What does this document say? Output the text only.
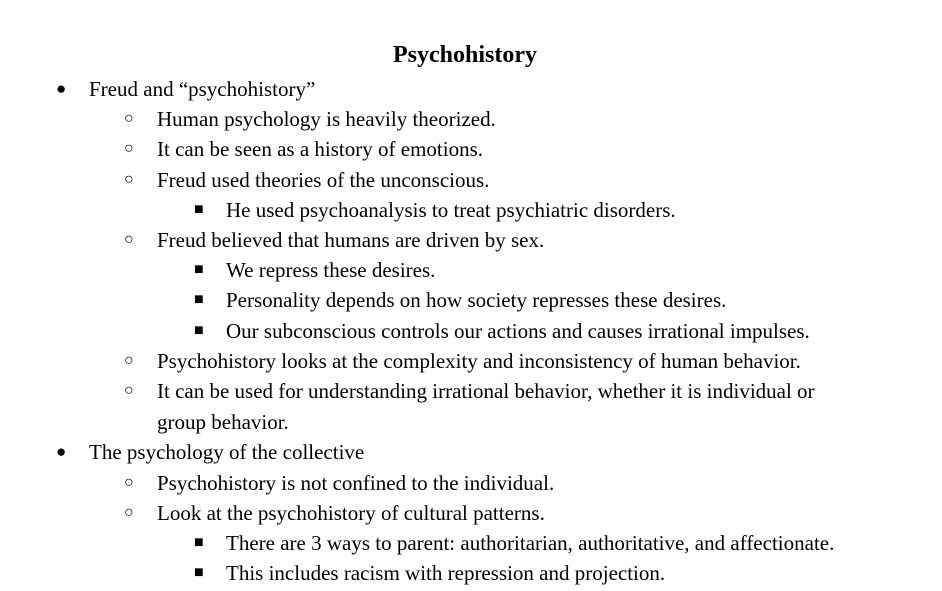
Psychohistory
● Freud and “psychohistory”
○ Human psychology is heavily theorized.
○ It can be seen as a history of emotions.
○ Freud used theories of the unconscious.
■ He used psychoanalysis to treat psychiatric disorders.
○ Freud believed that humans are driven by sex.
■ We repress these desires.
■ Personality depends on how society represses these desires.
■ Our subconscious controls our actions and causes irrational impulses.
○ Psychohistory looks at the complexity and inconsistency of human behavior.
○ It can be used for understanding irrational behavior, whether it is individual or
group behavior.
● The psychology of the collective
○ Psychohistory is not confined to the individual.
○ Look at the psychohistory of cultural patterns.
■ There are 3 ways to parent: authoritarian, authoritative, and affectionate.
■ This includes racism with repression and projection.
